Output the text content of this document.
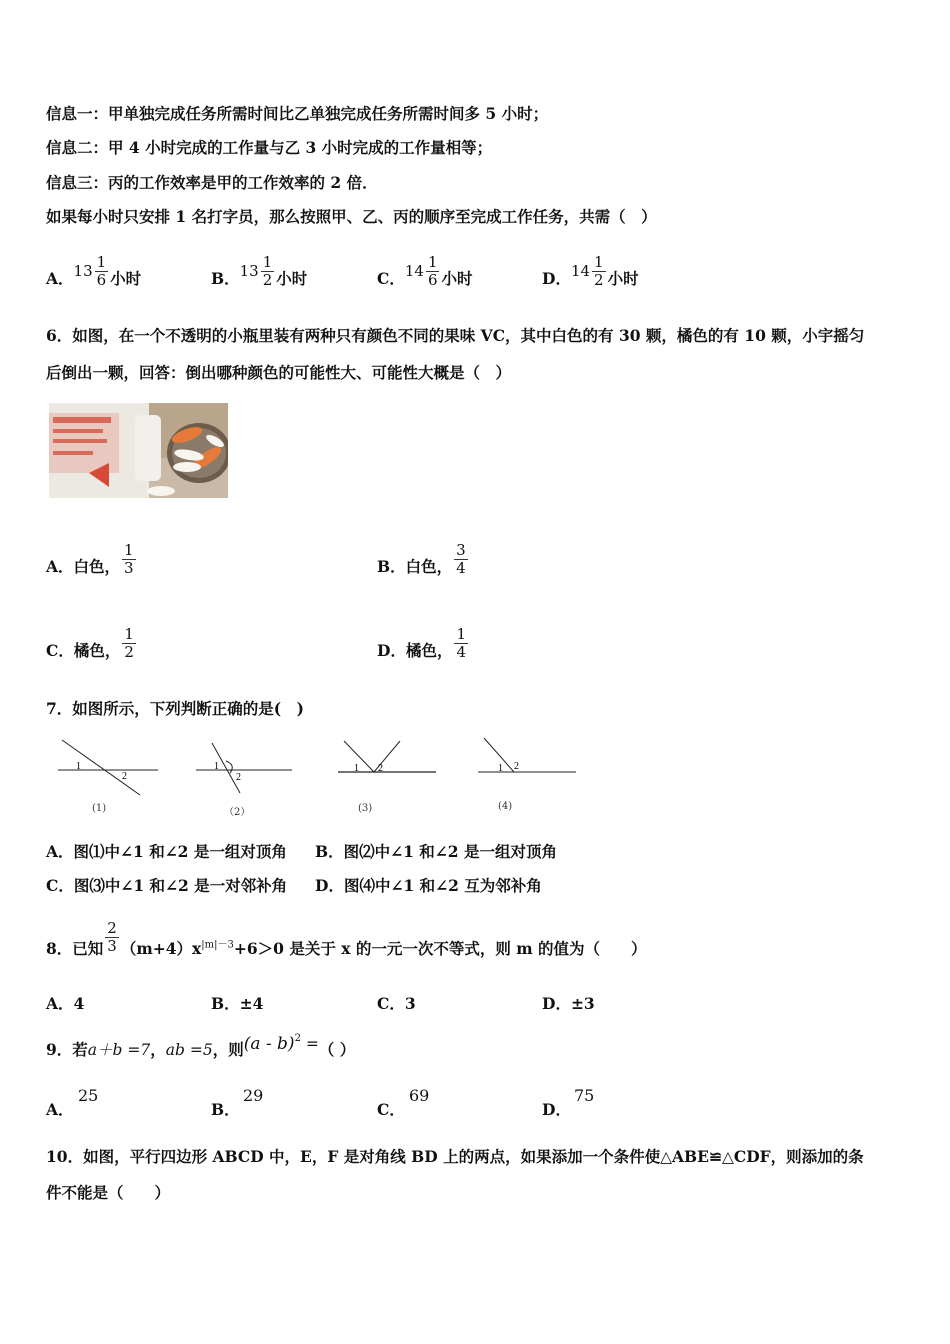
信息一：甲单独完成任务所需时间比乙单独完成任务所需时间多 5 小时；
信息二：甲 4 小时完成的工作量与乙 3 小时完成的工作量相等；
信息三：丙的工作效率是甲的工作效率的 2 倍．
如果每小时只安排 1 名打字员，那么按照甲、乙、丙的顺序至完成工作任务，共需（　）
A．$13 \frac{1}{6}$ 小时	B．$13 \frac{1}{2}$ 小时	C．$14 \frac{1}{6}$ 小时	D．$14 \frac{1}{2}$ 小时
6．如图，在一个不透明的小瓶里装有两种只有颜色不同的果味 VC，其中白色的有 30 颗，橘色的有 10 颗，小宇摇匀
后倒出一颗，回答：倒出哪种颜色的可能性大、可能性大概是（　）
A．白色， $\frac{1}{3}$	B．白色， $\frac{3}{4}$
C．橘色， $\frac{1}{2}$	D．橘色， $\frac{1}{4}$
7．如图所示，下列判断正确的是(　)
1
2
(1)
1
2
（2）
1 2
(3)
1 2
(4)
A．图⑴中∠1 和∠2 是一组对顶角 B．图⑵中∠1 和∠2 是一组对顶角
C．图⑶中∠1 和∠2 是一对邻补角 D．图⑷中∠1 和∠2 互为邻补角
8．已知 $\frac{2}{3} (m+4)x^{|m|-3}+6>0$ 是关于 x 的一元一次不等式，则 m 的值为（　　）
A．4	B．±4	C．3	D．±3
9．若a＋b =7，ab =5，则(a - b)$^2$ =（ ）
A．
25
B．
29
C．
69
D．
75
10．如图，平行四边形 ABCD 中，E，F 是对角线 BD 上的两点，如果添加一个条件使△ABE≌△CDF，则添加的条
件不能是（　　）
